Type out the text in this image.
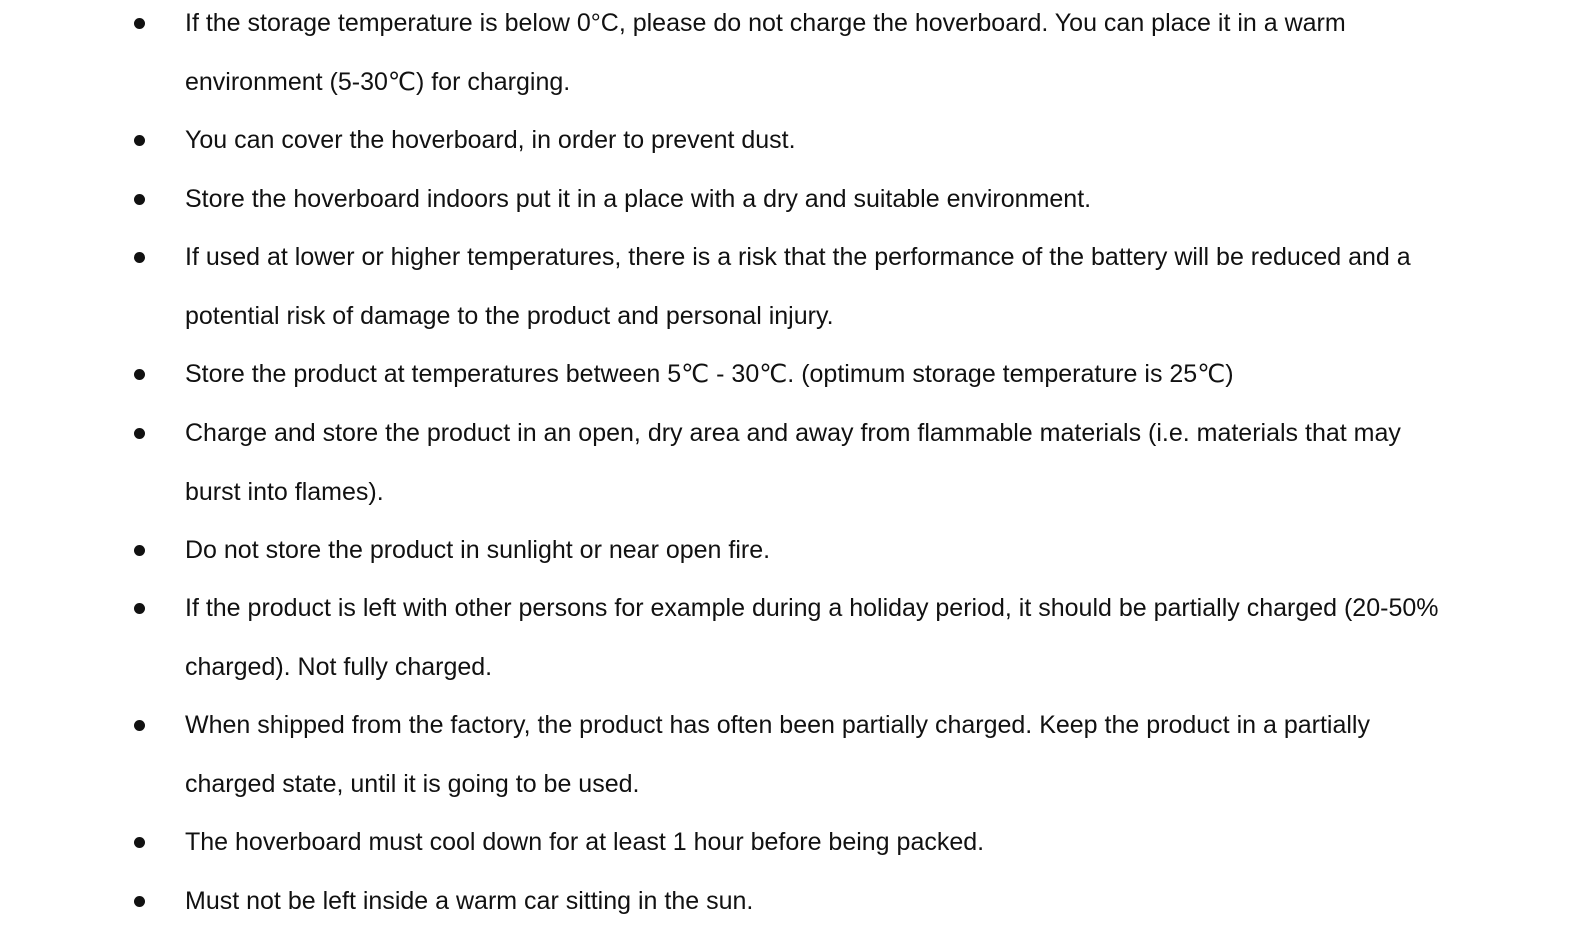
If the storage temperature is below 0°C, please do not charge the hoverboard. You can place it in a warm environment (5-30℃) for charging.
You can cover the hoverboard, in order to prevent dust.
Store the hoverboard indoors put it in a place with a dry and suitable environment.
If used at lower or higher temperatures, there is a risk that the performance of the battery will be reduced and a potential risk of damage to the product and personal injury.
Store the product at temperatures between 5℃ - 30℃. (optimum storage temperature is 25℃)
Charge and store the product in an open, dry area and away from flammable materials (i.e. materials that may burst into flames).
Do not store the product in sunlight or near open fire.
If the product is left with other persons for example during a holiday period, it should be partially charged (20-50% charged). Not fully charged.
When shipped from the factory, the product has often been partially charged. Keep the product in a partially charged state, until it is going to be used.
The hoverboard must cool down for at least 1 hour before being packed.
Must not be left inside a warm car sitting in the sun.
